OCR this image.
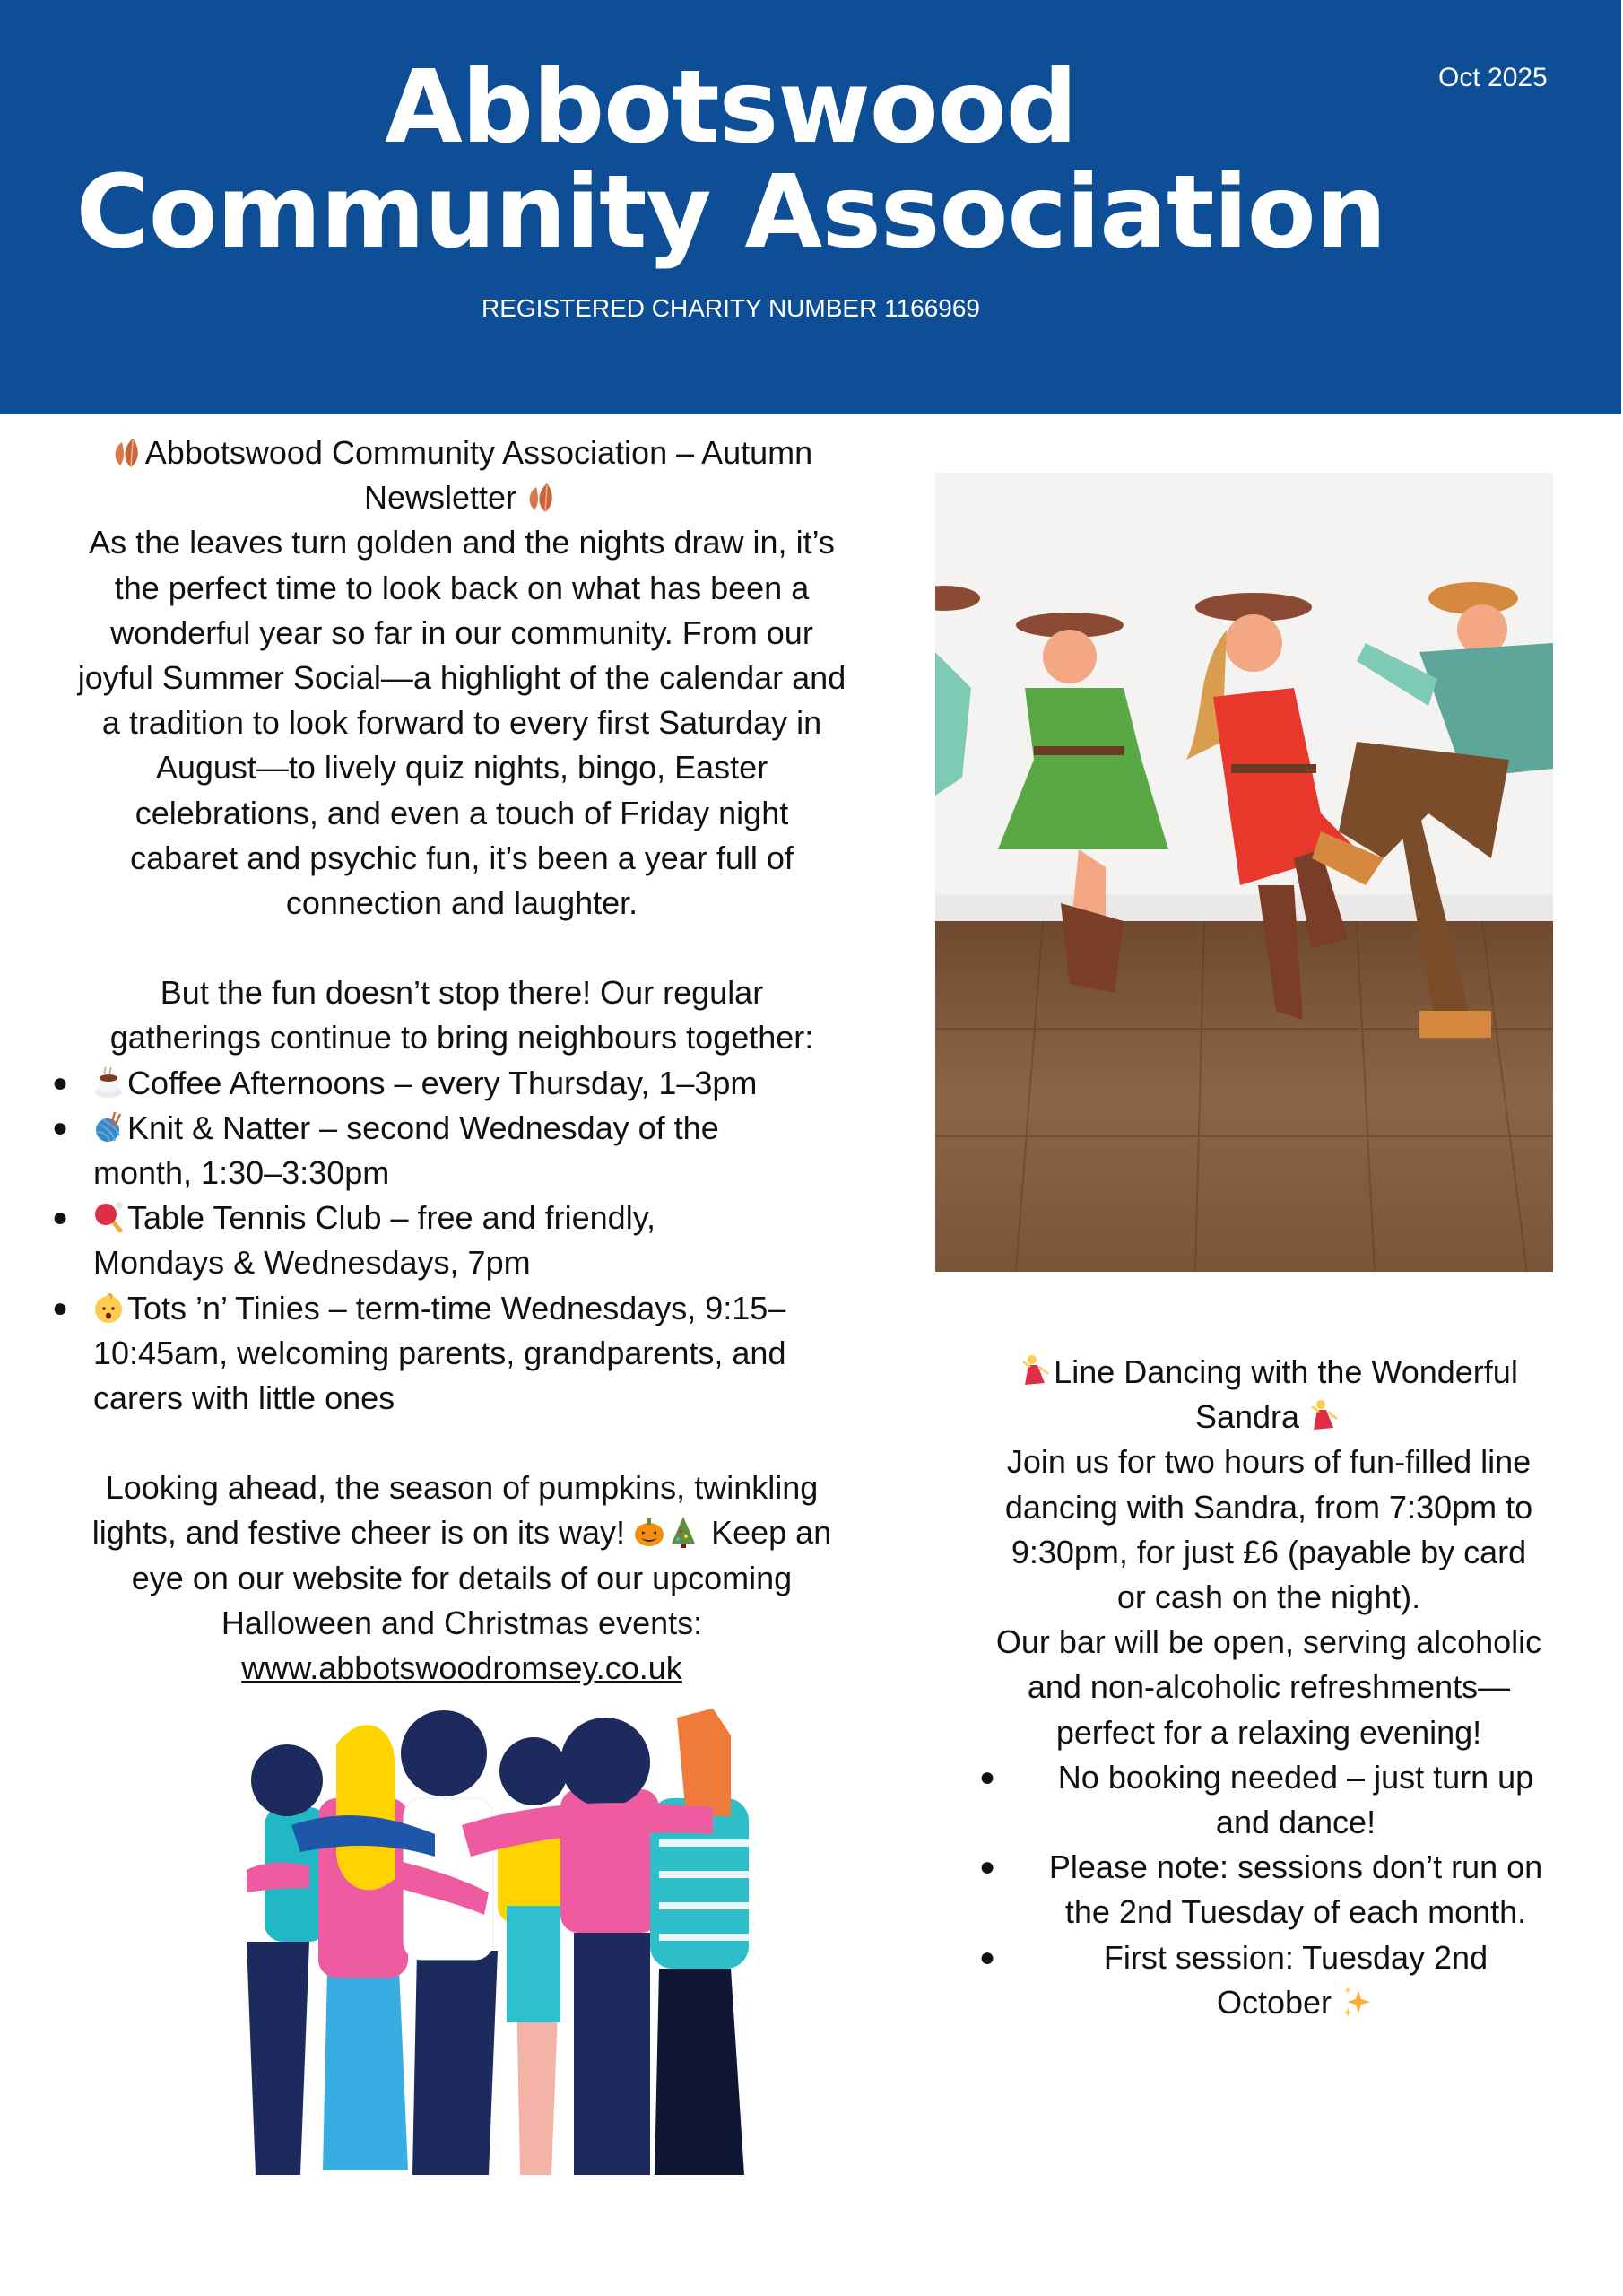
Abbotswood
Community Association
REGISTERED CHARITY NUMBER 1166969
Oct 2025

Abbotswood Community Association – Autumn
Newsletter

As the leaves turn golden and the nights draw in, it’s
the perfect time to look back on what has been a
wonderful year so far in our community. From our
joyful Summer Social—a highlight of the calendar and
a tradition to look forward to every first Saturday in
August—to lively quiz nights, bingo, Easter
celebrations, and even a touch of Friday night
cabaret and psychic fun, it’s been a year full of
connection and laughter.

But the fun doesn’t stop there! Our regular
gatherings continue to bring neighbours together:

● Coffee Afternoons – every Thursday, 1–3pm
● Knit & Natter – second Wednesday of the
month, 1:30–3:30pm
● Table Tennis Club – free and friendly,
Mondays & Wednesdays, 7pm
● Tots ’n’ Tinies – term-time Wednesdays, 9:15–
10:45am, welcoming parents, grandparents, and
carers with little ones

Looking ahead, the season of pumpkins, twinkling
lights, and festive cheer is on its way!	Keep an
eye on our website for details of our upcoming
Halloween and Christmas events:
www.abbotswoodromsey.co.uk

Line Dancing with the Wonderful
Sandra

Join us for two hours of fun-filled line
dancing with Sandra, from 7:30pm to
9:30pm, for just £6 (payable by card
or cash on the night).
Our bar will be open, serving alcoholic
and non-alcoholic refreshments—
perfect for a relaxing evening!

● No booking needed – just turn up
and dance!
● Please note: sessions don’t run on
the 2nd Tuesday of each month.
●	First session: Tuesday 2nd
October
